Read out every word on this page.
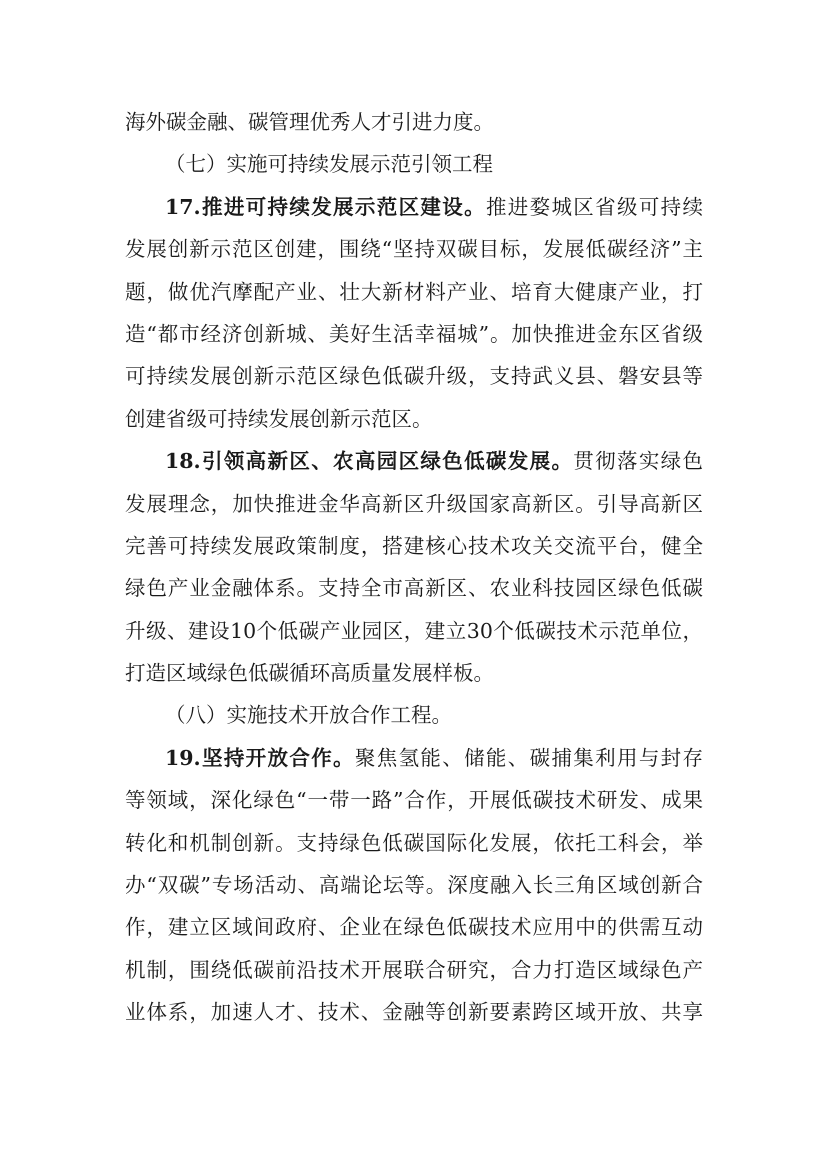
海外碳金融、碳管理优秀人才引进力度。
（七）实施可持续发展示范引领工程
17.推进可持续发展示范区建设。推进婺城区省级可持续
发展创新示范区创建，围绕“坚持双碳目标，发展低碳经济”主
题，做优汽摩配产业、壮大新材料产业、培育大健康产业，打
造“都市经济创新城、美好生活幸福城”。加快推进金东区省级
可持续发展创新示范区绿色低碳升级，支持武义县、磐安县等
创建省级可持续发展创新示范区。
18.引领高新区、农高园区绿色低碳发展。贯彻落实绿色
发展理念，加快推进金华高新区升级国家高新区。引导高新区
完善可持续发展政策制度，搭建核心技术攻关交流平台，健全
绿色产业金融体系。支持全市高新区、农业科技园区绿色低碳
升级、建设10个低碳产业园区，建立30个低碳技术示范单位，
打造区域绿色低碳循环高质量发展样板。
（八）实施技术开放合作工程。
19.坚持开放合作。聚焦氢能、储能、碳捕集利用与封存
等领域，深化绿色“一带一路”合作，开展低碳技术研发、成果
转化和机制创新。支持绿色低碳国际化发展，依托工科会，举
办“双碳”专场活动、高端论坛等。深度融入长三角区域创新合
作，建立区域间政府、企业在绿色低碳技术应用中的供需互动
机制，围绕低碳前沿技术开展联合研究，合力打造区域绿色产
业体系，加速人才、技术、金融等创新要素跨区域开放、共享
